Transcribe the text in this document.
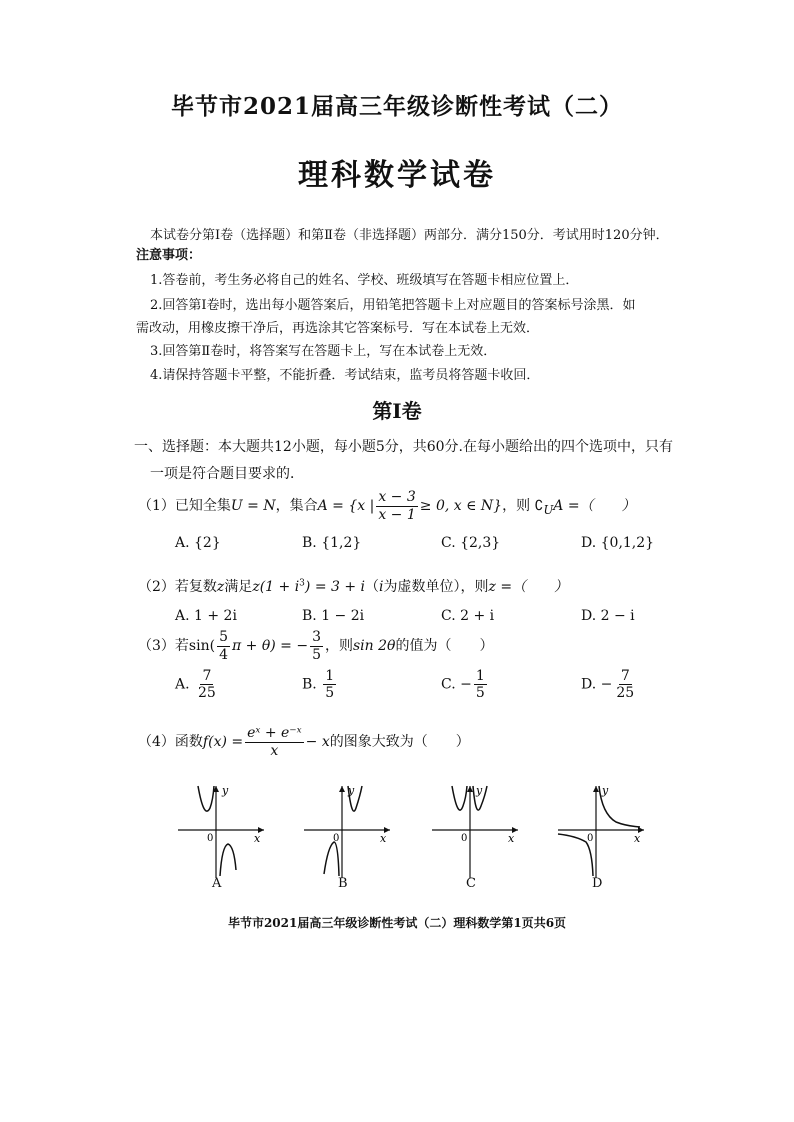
毕节市2021届高三年级诊断性考试（二）
理科数学试卷
本试卷分第Ⅰ卷（选择题）和第Ⅱ卷（非选择题）两部分．满分150分．考试用时120分钟．
注意事项：
1.答卷前，考生务必将自己的姓名、学校、班级填写在答题卡相应位置上．
2.回答第Ⅰ卷时，选出每小题答案后，用铅笔把答题卡上对应题目的答案标号涂黑．如
需改动，用橡皮擦干净后，再选涂其它答案标号．写在本试卷上无效．
3.回答第Ⅱ卷时，将答案写在答题卡上，写在本试卷上无效．
4.请保持答题卡平整，不能折叠．考试结束，监考员将答题卡收回．
第Ⅰ卷
一、选择题：本大题共12小题，每小题5分，共60分.在每小题给出的四个选项中，只有
一项是符合题目要求的．
（1）已知全集U = N，集合A = {x | $\frac{x - 3}{x - 1} \ge 0$, x ∈ N}，则 $∁_UA$ =（　　）
A. {2}	B. {1,2}	C. {2,3}	D. {0,1,2}
（2）若复数z满足$z(1 + i^3) = 3 + i(i$为虚数单位），则z =（　　）
A. 1 + 2i	B. 1 − 2i	C. 2 + i	D. 2 − i
（3）若$\sin( \frac{5}{4}$ π + θ) = − $\frac{3}{5}$ ，则sin 2θ的值为（　　）
A. $\frac{7}{25}$	B. $\frac{1}{5}$	C. − $\frac{1}{5}$	D. − $\frac{7}{25}$
（4）函数$f(x) = \frac{\text{eˣ + e⁻ˣ}}{x} - x$的图象大致为（　　）
y
x
0
A
y
x
0
B
y
x
0
C
y
x
0
D
毕节市2021届高三年级诊断性考试（二）理科数学第1页共6页
